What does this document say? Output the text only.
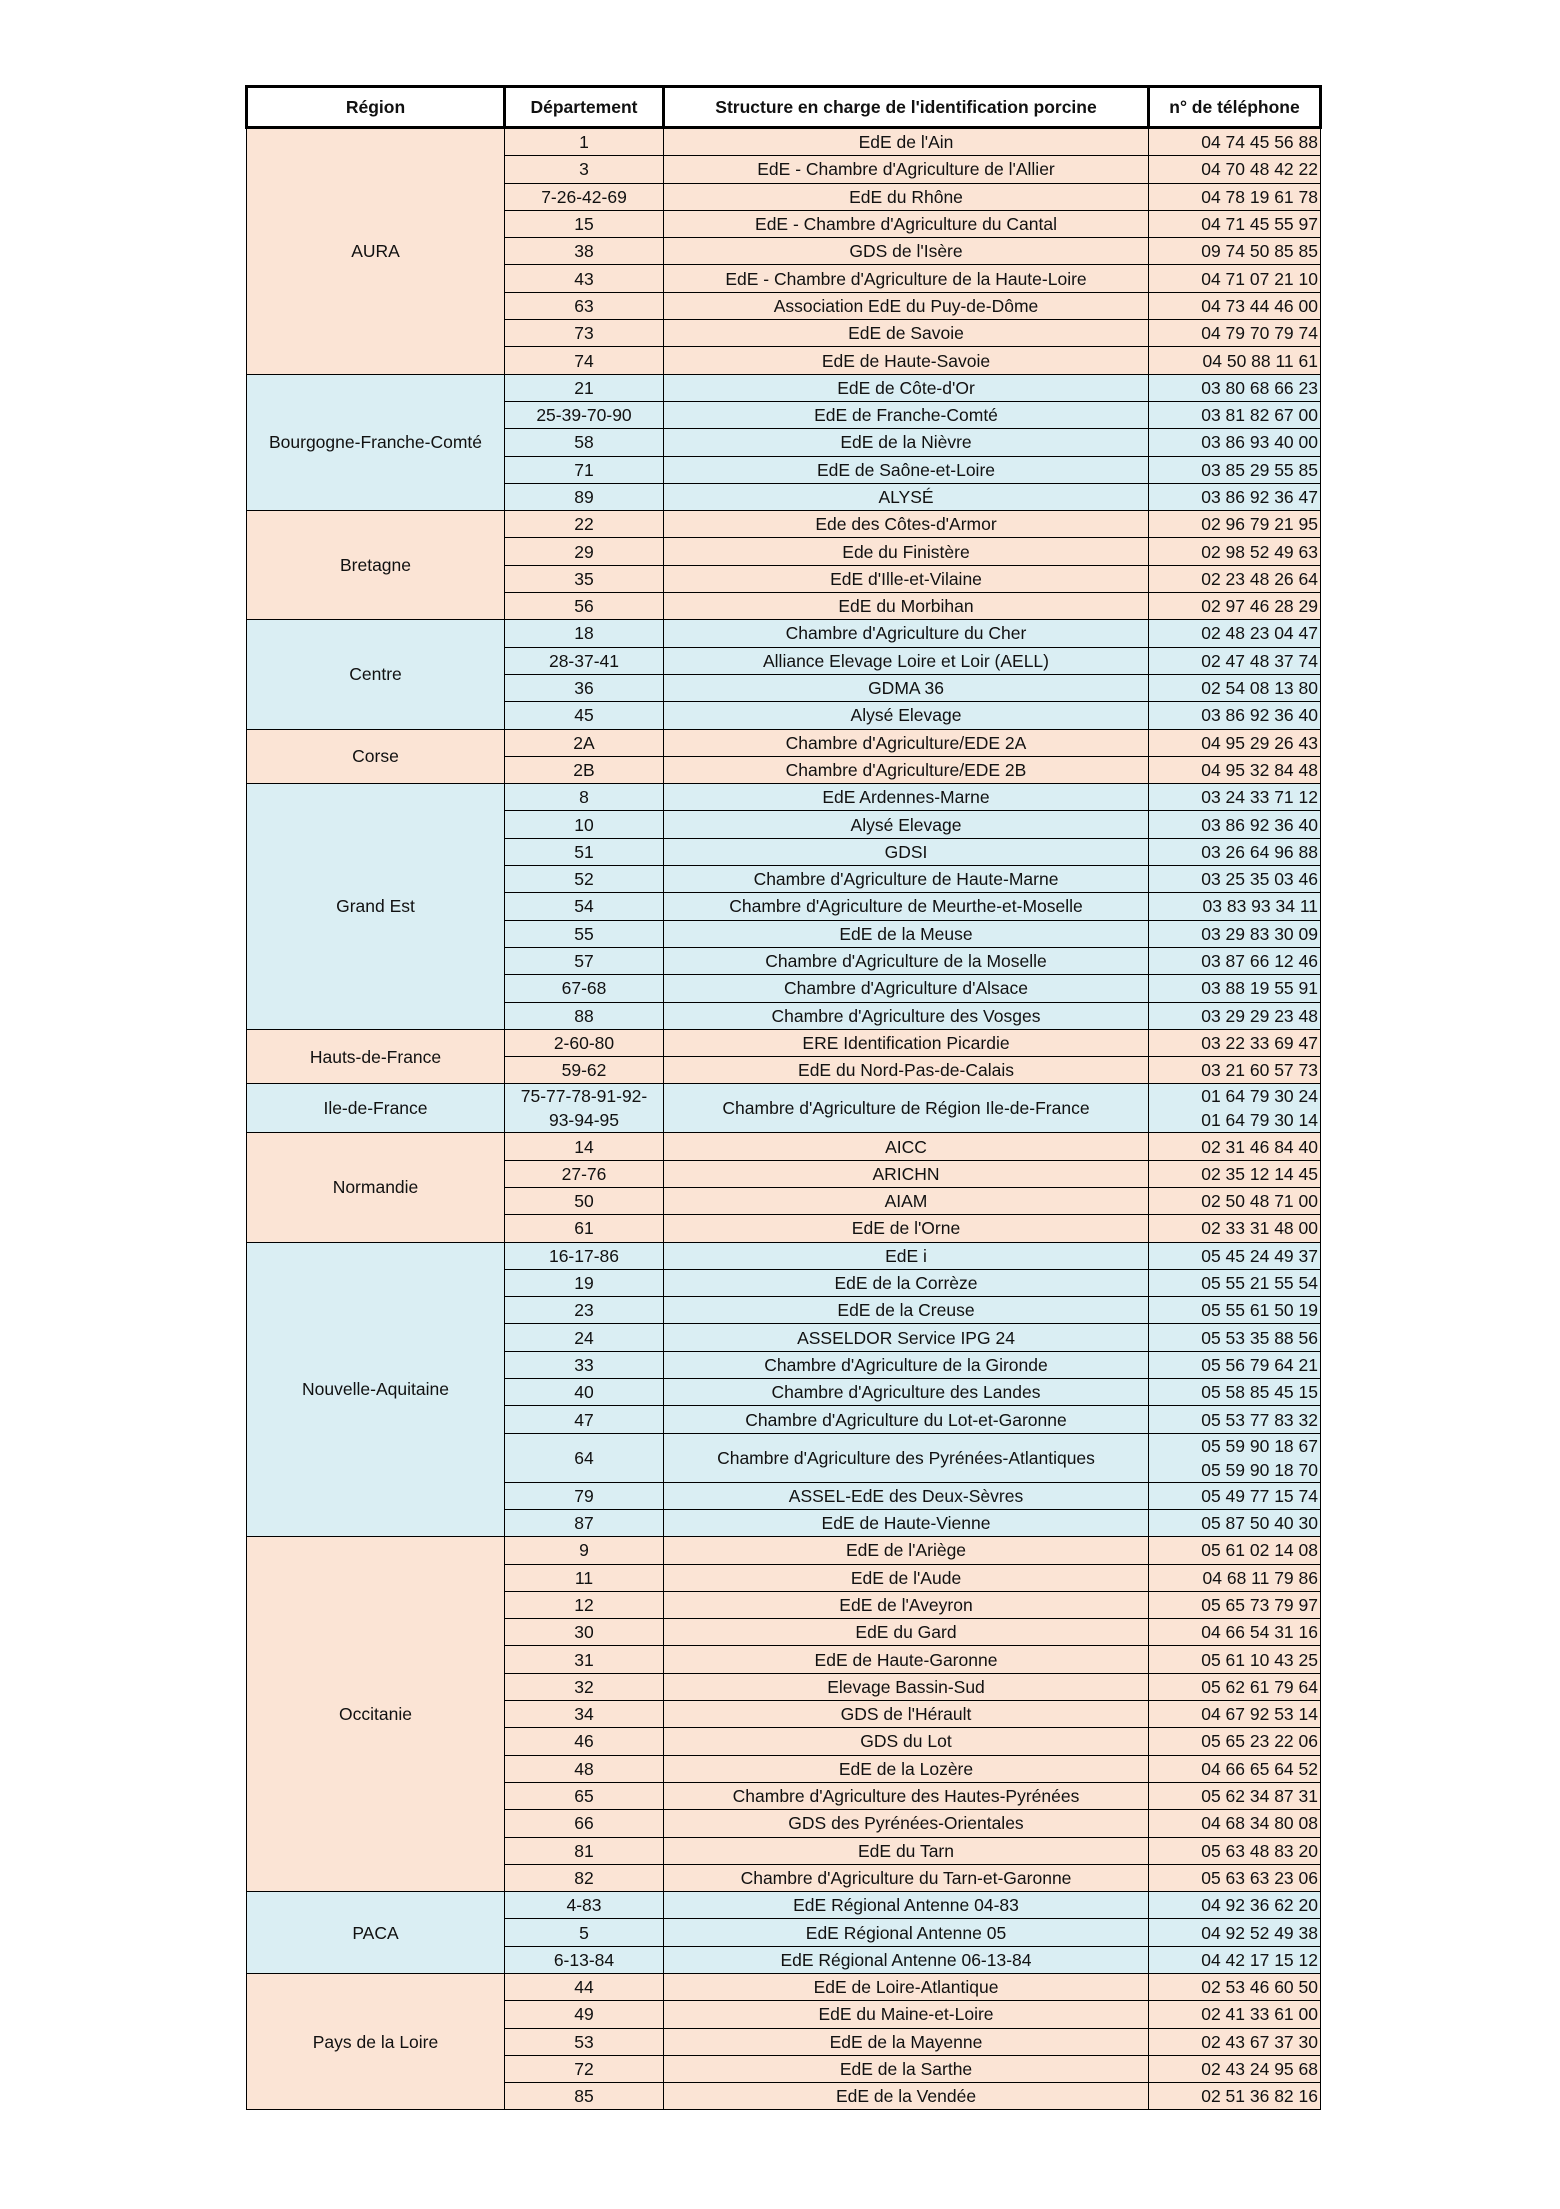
Région	Département	Structure en charge de l'identification porcine	n° de téléphone
AURA	1	EdE de l'Ain	04 74 45 56 88

	3	EdE - Chambre d'Agriculture de l'Allier	04 70 48 42 22

	7-26-42-69	EdE du Rhône	04 78 19 61 78

	15	EdE - Chambre d'Agriculture du Cantal	04 71 45 55 97

	38	GDS de l'Isère	09 74 50 85 85

	43	EdE - Chambre d'Agriculture de la Haute-Loire	04 71 07 21 10

	63	Association EdE du Puy-de-Dôme	04 73 44 46 00

	73	EdE de Savoie	04 79 70 79 74

	74	EdE de Haute-Savoie	04 50 88 11 61

Bourgogne-Franche-Comté	21	EdE de Côte-d'Or	03 80 68 66 23

	25-39-70-90	EdE de Franche-Comté	03 81 82 67 00

	58	EdE de la Nièvre	03 86 93 40 00

	71	EdE de Saône-et-Loire	03 85 29 55 85

	89	ALYSÉ	03 86 92 36 47

Bretagne	22	Ede des Côtes-d'Armor	02 96 79 21 95

	29	Ede du Finistère	02 98 52 49 63

	35	EdE d'Ille-et-Vilaine	02 23 48 26 64

	56	EdE du Morbihan	02 97 46 28 29

Centre	18	Chambre d'Agriculture du Cher	02 48 23 04 47

	28-37-41	Alliance Elevage Loire et Loir (AELL)	02 47 48 37 74

	36	GDMA 36	02 54 08 13 80

	45	Alysé Elevage	03 86 92 36 40

Corse	2A	Chambre d'Agriculture/EDE 2A	04 95 29 26 43

	2B	Chambre d'Agriculture/EDE 2B	04 95 32 84 48

Grand Est	8	EdE Ardennes-Marne	03 24 33 71 12

	10	Alysé Elevage	03 86 92 36 40

	51	GDSI	03 26 64 96 88

	52	Chambre d'Agriculture de Haute-Marne	03 25 35 03 46

	54	Chambre d'Agriculture de Meurthe-et-Moselle	03 83 93 34 11

	55	EdE de la Meuse	03 29 83 30 09

	57	Chambre d'Agriculture de la Moselle	03 87 66 12 46

	67-68	Chambre d'Agriculture d'Alsace	03 88 19 55 91

	88	Chambre d'Agriculture des Vosges	03 29 29 23 48

Hauts-de-France	2-60-80	ERE Identification Picardie	03 22 33 69 47

	59-62	EdE du Nord-Pas-de-Calais	03 21 60 57 73

Ile-de-France	75-77-78-91-92-
93-94-95	Chambre d'Agriculture de Région Ile-de-France	01 64 79 30 24
01 64 79 30 14

Normandie	14	AICC	02 31 46 84 40

	27-76	ARICHN	02 35 12 14 45

	50	AIAM	02 50 48 71 00

	61	EdE de l'Orne	02 33 31 48 00

Nouvelle-Aquitaine	16-17-86	EdE i	05 45 24 49 37

	19	EdE de la Corrèze	05 55 21 55 54

	23	EdE de la Creuse	05 55 61 50 19

	24	ASSELDOR Service IPG 24	05 53 35 88 56

	33	Chambre d'Agriculture de la Gironde	05 56 79 64 21

	40	Chambre d'Agriculture des Landes	05 58 85 45 15

	47	Chambre d'Agriculture du Lot-et-Garonne	05 53 77 83 32

	64	Chambre d'Agriculture des Pyrénées-Atlantiques	05 59 90 18 67
05 59 90 18 70

	79	ASSEL-EdE des Deux-Sèvres	05 49 77 15 74

	87	EdE de Haute-Vienne	05 87 50 40 30

Occitanie	9	EdE de l'Ariège	05 61 02 14 08

	11	EdE de l'Aude	04 68 11 79 86

	12	EdE de l'Aveyron	05 65 73 79 97

	30	EdE du Gard	04 66 54 31 16

	31	EdE de Haute-Garonne	05 61 10 43 25

	32	Elevage Bassin-Sud	05 62 61 79 64

	34	GDS de l'Hérault	04 67 92 53 14

	46	GDS du Lot	05 65 23 22 06

	48	EdE de la Lozère	04 66 65 64 52

	65	Chambre d'Agriculture des Hautes-Pyrénées	05 62 34 87 31

	66	GDS des Pyrénées-Orientales	04 68 34 80 08

	81	EdE du Tarn	05 63 48 83 20

	82	Chambre d'Agriculture du Tarn-et-Garonne	05 63 63 23 06

PACA	4-83	EdE Régional Antenne 04-83	04 92 36 62 20

	5	EdE Régional Antenne 05	04 92 52 49 38

	6-13-84	EdE Régional Antenne 06-13-84	04 42 17 15 12

Pays de la Loire	44	EdE de Loire-Atlantique	02 53 46 60 50

	49	EdE du Maine-et-Loire	02 41 33 61 00

	53	EdE de la Mayenne	02 43 67 37 30

	72	EdE de la Sarthe	02 43 24 95 68

	85	EdE de la Vendée	02 51 36 82 16
